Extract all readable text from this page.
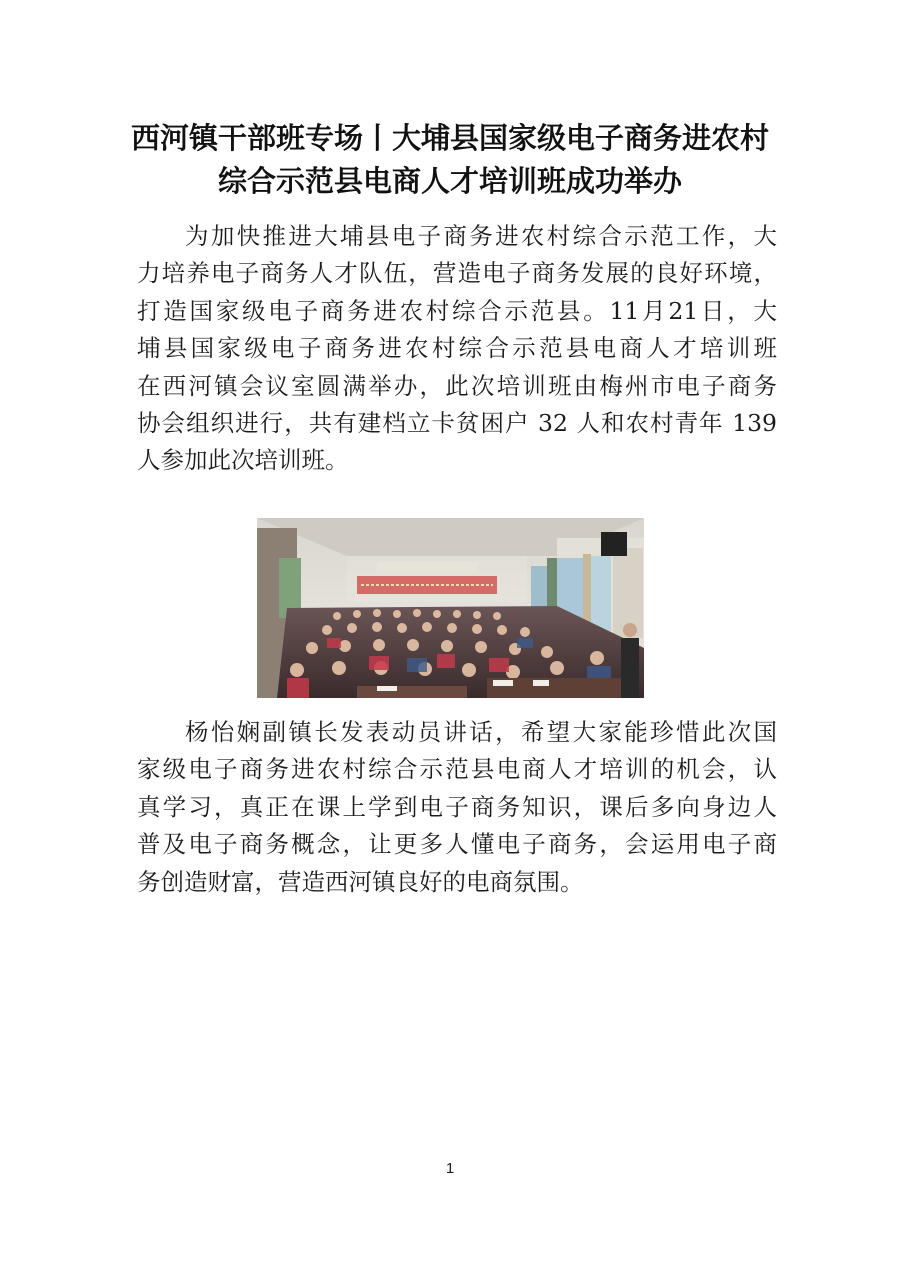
西河镇干部班专场丨大埔县国家级电子商务进农村
综合示范县电商人才培训班成功举办
为加快推进大埔县电子商务进农村综合示范工作，大
力培养电子商务人才队伍，营造电子商务发展的良好环境，
打造国家级电子商务进农村综合示范县。11月21日，大
埔县国家级电子商务进农村综合示范县电商人才培训班
在西河镇会议室圆满举办，此次培训班由梅州市电子商务
协会组织进行，共有建档立卡贫困户 32 人和农村青年 139
人参加此次培训班。
杨怡娴副镇长发表动员讲话，希望大家能珍惜此次国
家级电子商务进农村综合示范县电商人才培训的机会，认
真学习，真正在课上学到电子商务知识，课后多向身边人
普及电子商务概念，让更多人懂电子商务，会运用电子商
务创造财富，营造西河镇良好的电商氛围。
1
